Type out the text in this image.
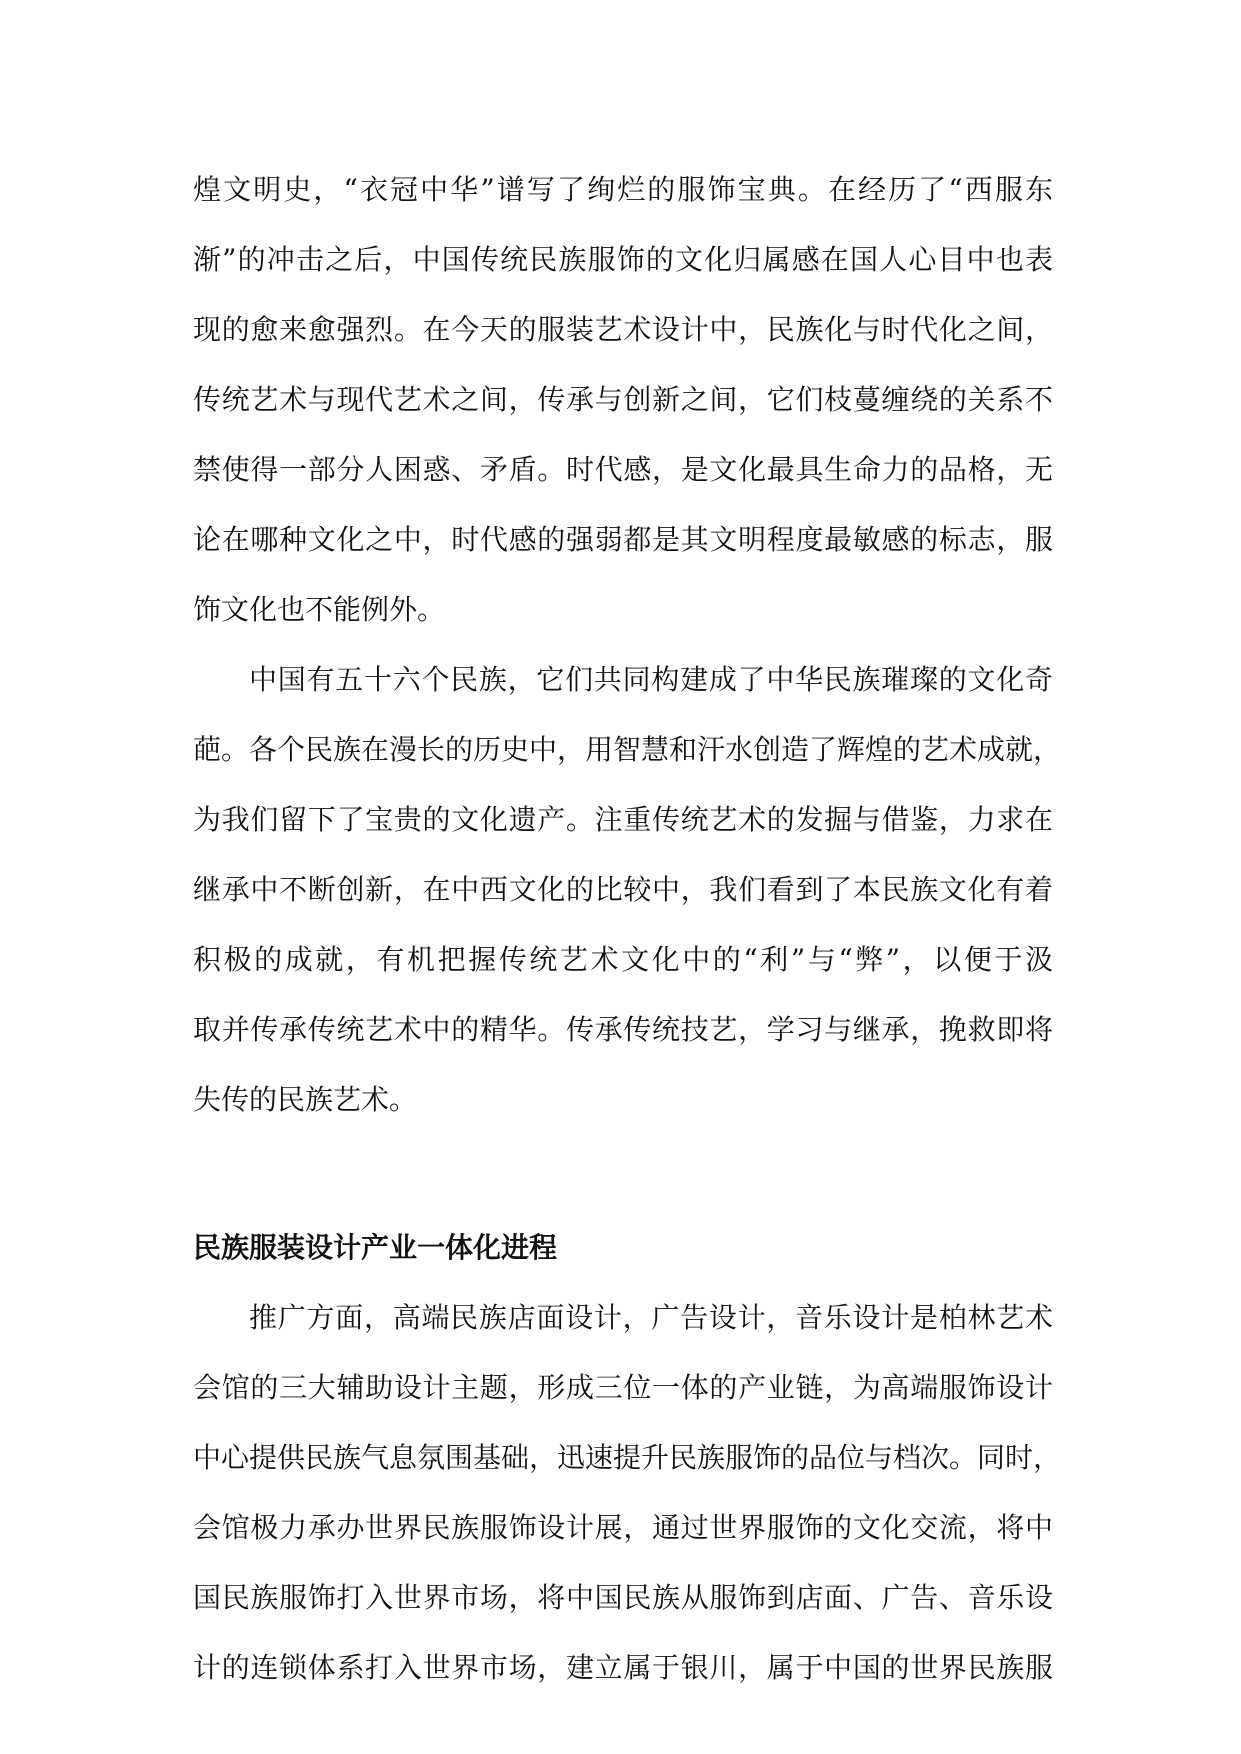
煌文明史，“衣冠中华”谱写了绚烂的服饰宝典。在经历了“西服东
渐”的冲击之后，中国传统民族服饰的文化归属感在国人心目中也表
现的愈来愈强烈。在今天的服装艺术设计中，民族化与时代化之间，
传统艺术与现代艺术之间，传承与创新之间，它们枝蔓缠绕的关系不
禁使得一部分人困惑、矛盾。时代感，是文化最具生命力的品格，无
论在哪种文化之中，时代感的强弱都是其文明程度最敏感的标志，服
饰文化也不能例外。
中国有五十六个民族，它们共同构建成了中华民族璀璨的文化奇
葩。各个民族在漫长的历史中，用智慧和汗水创造了辉煌的艺术成就，
为我们留下了宝贵的文化遗产。注重传统艺术的发掘与借鉴，力求在
继承中不断创新，在中西文化的比较中，我们看到了本民族文化有着
积极的成就，有机把握传统艺术文化中的“利”与“弊”，以便于汲
取并传承传统艺术中的精华。传承传统技艺，学习与继承，挽救即将
失传的民族艺术。
民族服装设计产业一体化进程
推广方面，高端民族店面设计，广告设计，音乐设计是柏林艺术
会馆的三大辅助设计主题，形成三位一体的产业链，为高端服饰设计
中心提供民族气息氛围基础，迅速提升民族服饰的品位与档次。同时，
会馆极力承办世界民族服饰设计展，通过世界服饰的文化交流，将中
国民族服饰打入世界市场，将中国民族从服饰到店面、广告、音乐设
计的连锁体系打入世界市场，建立属于银川，属于中国的世界民族服
